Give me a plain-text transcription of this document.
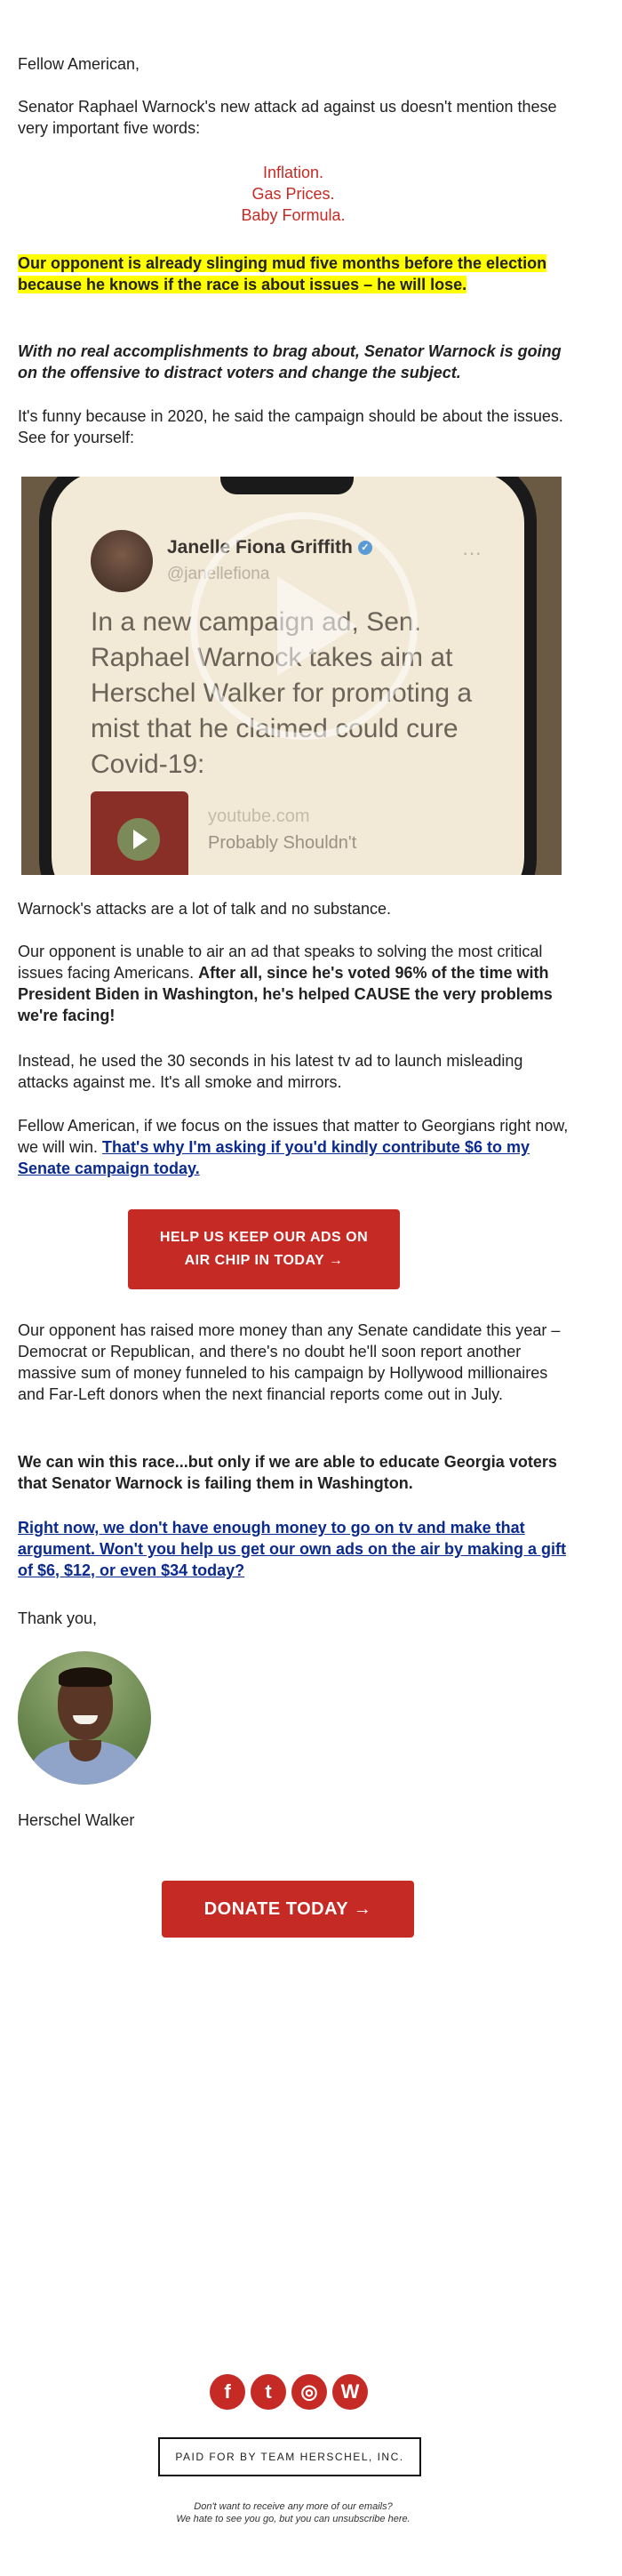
Fellow American,

Senator Raphael Warnock's new attack ad against us doesn't mention these very important five words:

Inflation.
Gas Prices.
Baby Formula.

Our opponent is already slinging mud five months before the election because he knows if the race is about issues – he will lose.

With no real accomplishments to brag about, Senator Warnock is going on the offensive to distract voters and change the subject.

It's funny because in 2020, he said the campaign should be about the issues. See for yourself:

Janelle Fiona Griffith ✓
@janellefiona
···
In a new campaign ad, Sen. Raphael Warnock takes aim at Herschel Walker for promoting a mist that he claimed could cure Covid-19:
youtube.com
Probably Shouldn't

Warnock's attacks are a lot of talk and no substance.

Our opponent is unable to air an ad that speaks to solving the most critical issues facing Americans. After all, since he's voted 96% of the time with President Biden in Washington, he's helped CAUSE the very problems we're facing!

Instead, he used the 30 seconds in his latest tv ad to launch misleading attacks against me. It's all smoke and mirrors.

Fellow American, if we focus on the issues that matter to Georgians right now, we will win. That's why I'm asking if you'd kindly contribute $6 to my Senate campaign today.

HELP US KEEP OUR ADS ON AIR CHIP IN TODAY →

Our opponent has raised more money than any Senate candidate this year – Democrat or Republican, and there's no doubt he'll soon report another massive sum of money funneled to his campaign by Hollywood millionaires and Far-Left donors when the next financial reports come out in July.

We can win this race...but only if we are able to educate Georgia voters that Senator Warnock is failing them in Washington.

Right now, we don't have enough money to go on tv and make that argument. Won't you help us get our own ads on the air by making a gift of $6, $12, or even $34 today?

Thank you,

Herschel Walker

DONATE TODAY →
f	t	◎	W
PAID FOR BY TEAM HERSCHEL, INC.
Don't want to receive any more of our emails?
We hate to see you go, but you can unsubscribe here.
